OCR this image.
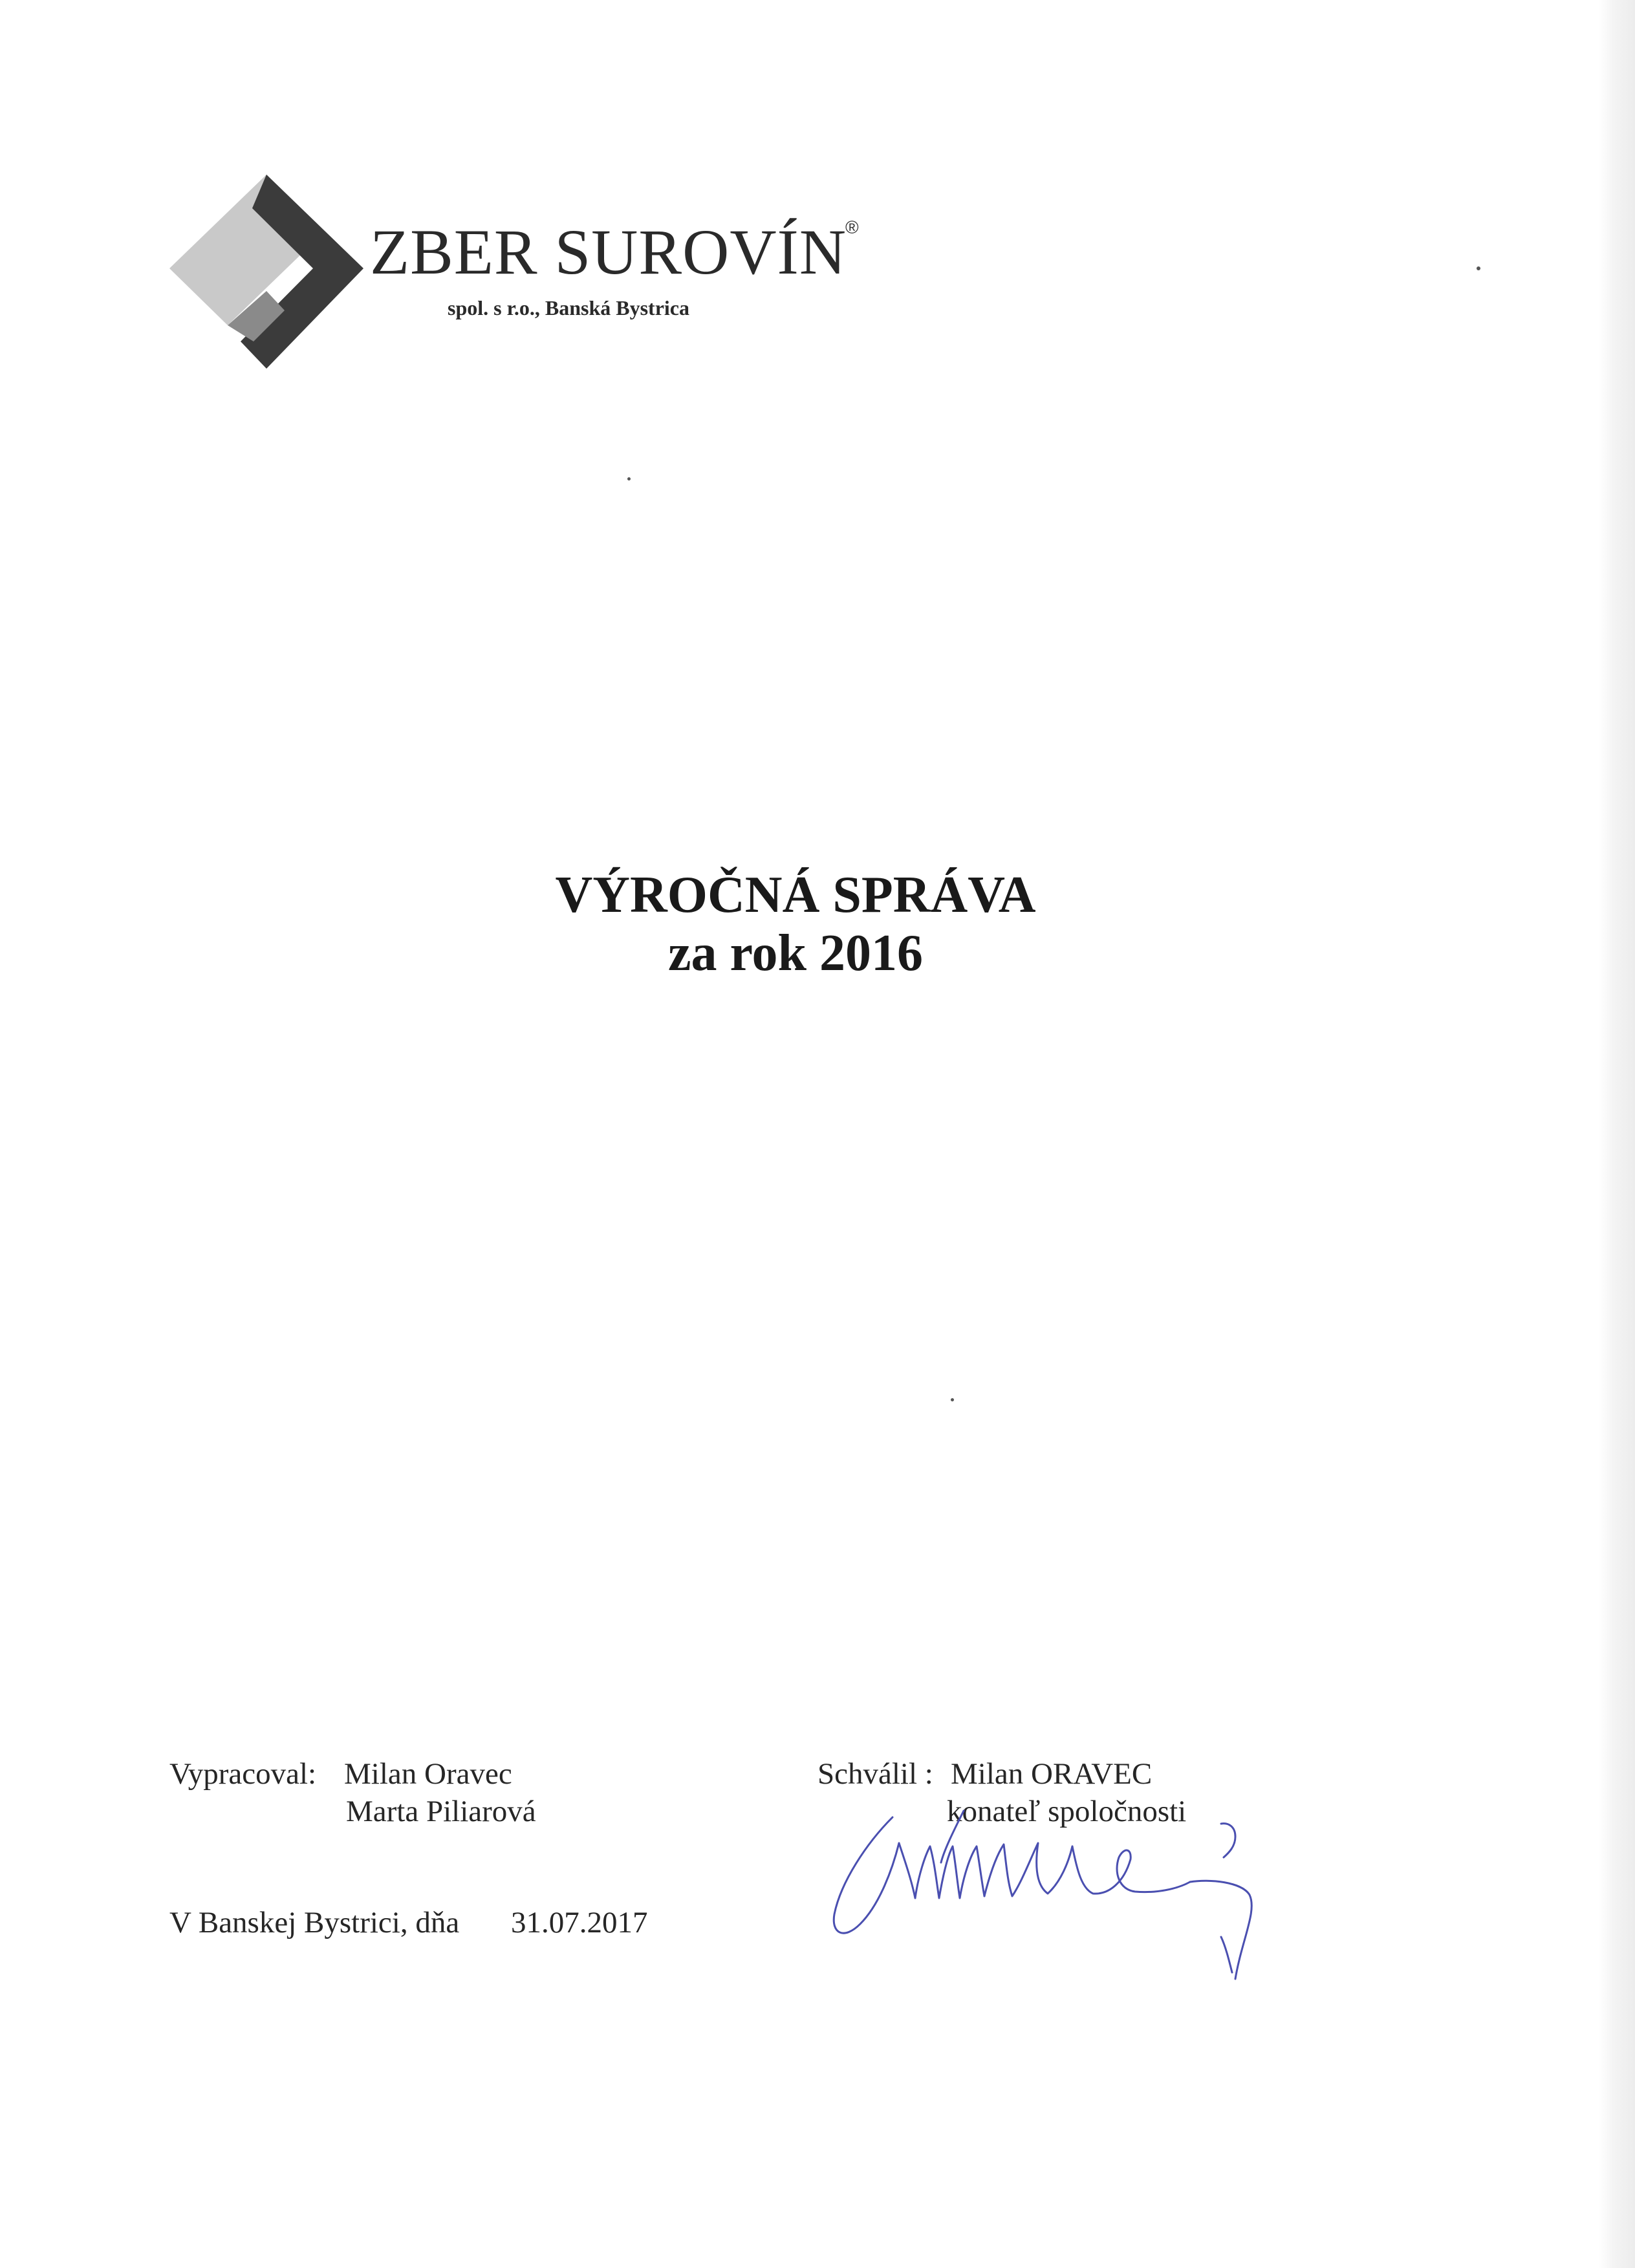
ZBER SUROVÍN
®
spol. s r.o., Banská Bystrica
VÝROČNÁ SPRÁVA
za rok 2016
Vypracoval: Milan Oravec
Marta Piliarová
Schválil : Milan ORAVEC
konateľ spoločnosti
V Banskej Bystrici, dňa 31.07.2017
